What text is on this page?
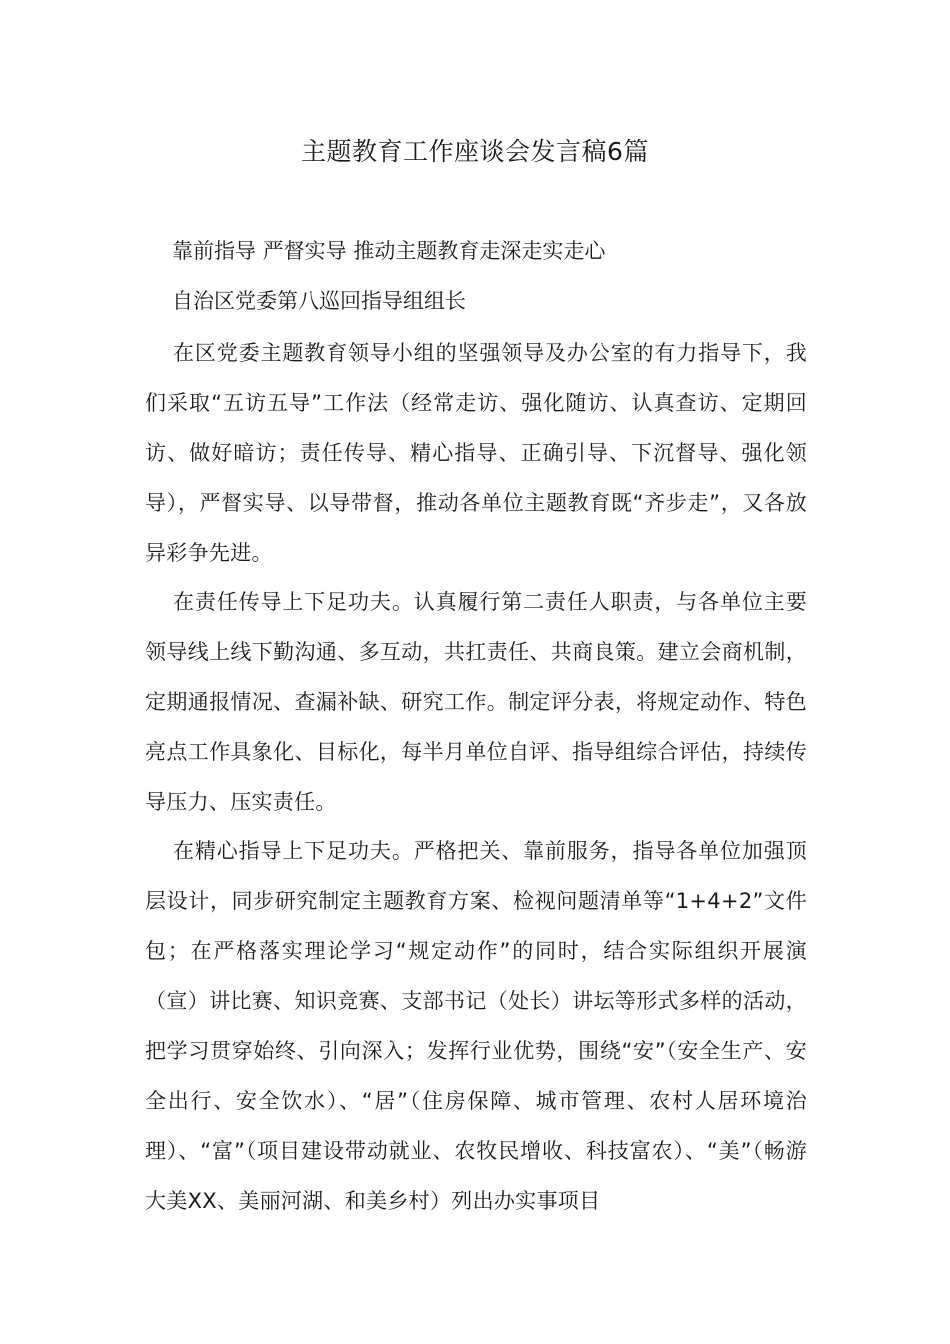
主题教育工作座谈会发言稿6篇

靠前指导 严督实导 推动主题教育走深走实走心

自治区党委第八巡回指导组组长

在区党委主题教育领导小组的坚强领导及办公室的有力指导下，我们采取“五访五导”工作法（经常走访、强化随访、认真查访、定期回访、做好暗访；责任传导、精心指导、正确引导、下沉督导、强化领导），严督实导、以导带督，推动各单位主题教育既“齐步走”，又各放异彩争先进。

在责任传导上下足功夫。认真履行第二责任人职责，与各单位主要领导线上线下勤沟通、多互动，共扛责任、共商良策。建立会商机制，定期通报情况、查漏补缺、研究工作。制定评分表，将规定动作、特色亮点工作具象化、目标化，每半月单位自评、指导组综合评估，持续传导压力、压实责任。

在精心指导上下足功夫。严格把关、靠前服务，指导各单位加强顶层设计，同步研究制定主题教育方案、检视问题清单等“1+4+2”文件包；在严格落实理论学习“规定动作”的同时，结合实际组织开展演（宣）讲比赛、知识竞赛、支部书记（处长）讲坛等形式多样的活动，把学习贯穿始终、引向深入；发挥行业优势，围绕“安”（安全生产、安全出行、安全饮水）、“居”（住房保障、城市管理、农村人居环境治理）、“富”（项目建设带动就业、农牧民增收、科技富农）、“美”（畅游大美XX、美丽河湖、和美乡村）列出办实事项目
